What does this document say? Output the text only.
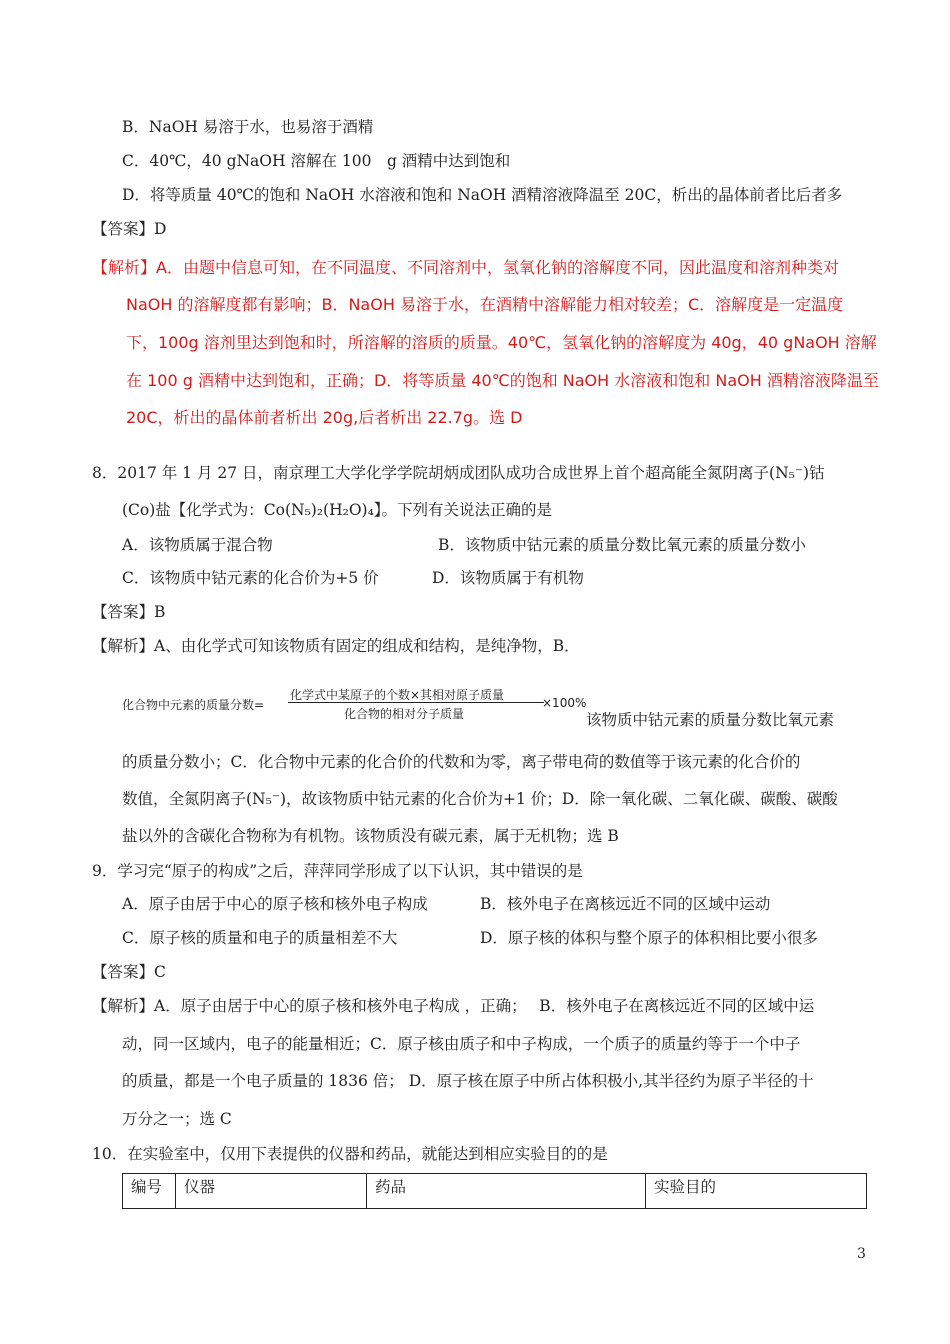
B．NaOH 易溶于水，也易溶于酒精
C．40℃，40 gNaOH 溶解在 100　g 酒精中达到饱和
D．将等质量 40℃的饱和 NaOH 水溶液和饱和 NaOH 酒精溶液降温至 20C，析出的晶体前者比后者多
【答案】D
【解析】A．由题中信息可知，在不同温度、不同溶剂中，氢氧化钠的溶解度不同，因此温度和溶剂种类对
NaOH 的溶解度都有影响；B．NaOH 易溶于水，在酒精中溶解能力相对较差；C．溶解度是一定温度
下，100g 溶剂里达到饱和时，所溶解的溶质的质量。40℃，氢氧化钠的溶解度为 40g，40 gNaOH 溶解
在 100 g 酒精中达到饱和，正确；D．将等质量 40℃的饱和 NaOH 水溶液和饱和 NaOH 酒精溶液降温至
20C，析出的晶体前者析出 20g,后者析出 22.7g。选 D
8．2017 年 1 月 27 日，南京理工大学化学学院胡炳成团队成功合成世界上首个超高能全氮阴离子(N₅⁻)钴
(Co)盐【化学式为：Co(N₅)₂(H₂O)₄】。下列有关说法正确的是
A．该物质属于混合物	B．该物质中钴元素的质量分数比氧元素的质量分数小
C．该物质中钴元素的化合价为+5 价	D．该物质属于有机物
【答案】B
【解析】A、由化学式可知该物质有固定的组成和结构，是纯净物，B．
化合物中元素的质量分数=
化学式中某原子的个数×其相对原子质量
化合物的相对分子质量
×100%
该物质中钴元素的质量分数比氧元素
的质量分数小；C．化合物中元素的化合价的代数和为零，离子带电荷的数值等于该元素的化合价的
数值，全氮阴离子(N₅⁻)，故该物质中钴元素的化合价为+1 价；D．除一氧化碳、二氧化碳、碳酸、碳酸
盐以外的含碳化合物称为有机物。该物质没有碳元素，属于无机物；选 B
9．学习完“原子的构成”之后，萍萍同学形成了以下认识，其中错误的是
A．原子由居于中心的原子核和核外电子构成	B．核外电子在离核远近不同的区域中运动
C．原子核的质量和电子的质量相差不大	D．原子核的体积与整个原子的体积相比要小很多
【答案】C
【解析】A．原子由居于中心的原子核和核外电子构成 ，正确；　 B．核外电子在离核远近不同的区域中运
动，同一区域内，电子的能量相近；C．原子核由质子和中子构成，一个质子的质量约等于一个中子
的质量，都是一个电子质量的 1836 倍； D．原子核在原子中所占体积极小,其半径约为原子半径的十
万分之一；选 C
10．在实验室中，仅用下表提供的仪器和药品，就能达到相应实验目的的是
编号	仪器	药品	实验目的
3
